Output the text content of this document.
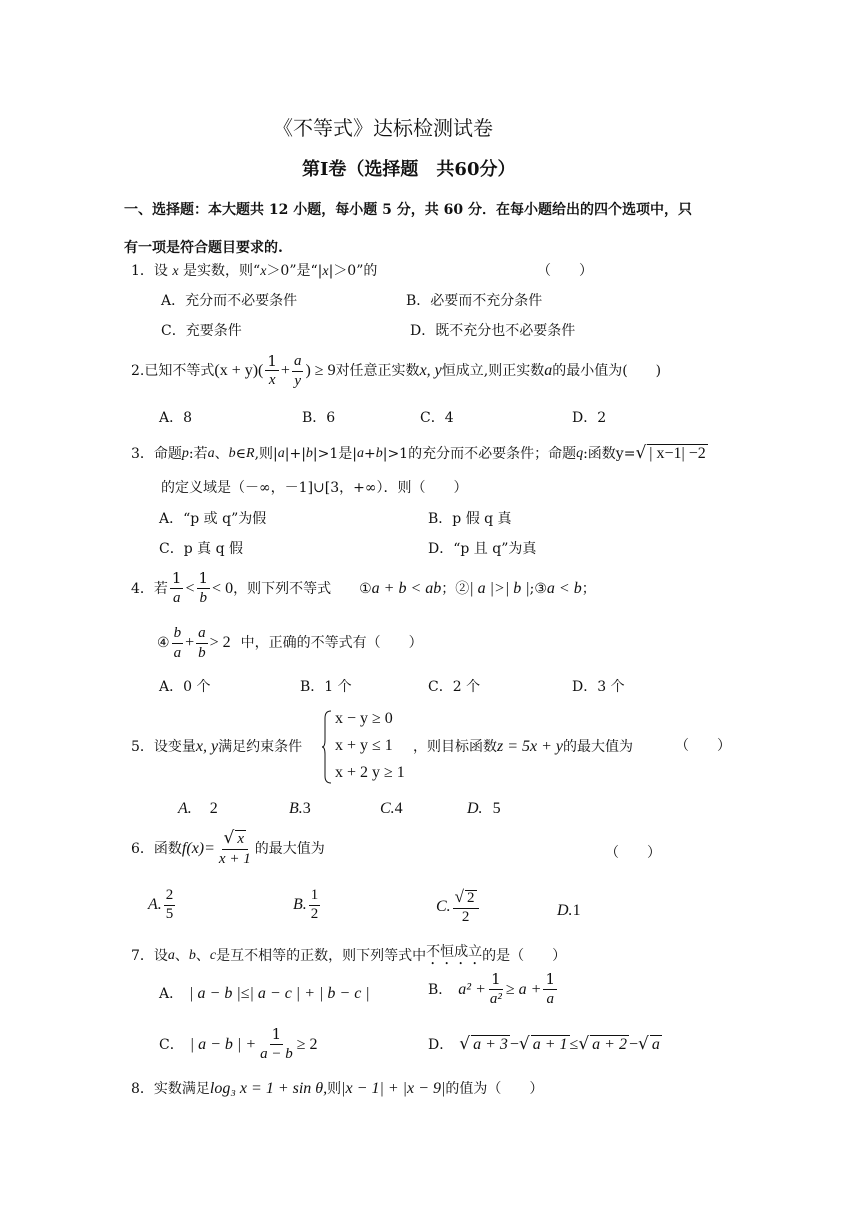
《不等式》达标检测试卷
第Ⅰ卷（选择题　共60分）
一、选择题：本大题共 12 小题，每小题 5 分，共 60 分．在每小题给出的四个选项中，只
有一项是符合题目要求的.
1．设 x 是实数，则“x＞0”是“|x|＞0”的	（　　）
A．充分而不必要条件	B．必要而不充分条件
C．充要条件	D．既不充分也不必要条件
2. 已知不等式 $(x + y)( \frac{1}{x} + \frac{a}{y}$ ) ≥ 9 对任意正实数 x, y 恒成立,则正实数 a 的最小值为(　　)
A．8	B．6	C．4	D．2
3．命题 p :若 a 、 b ∈ R ,则| a |+| b |>1是| a + b |>1的充分而不必要条件；命题 q :函数y= √ | x−1| −2
的定义域是（－∞，－1]∪[3，+∞）．则（　　）
A．“p 或 q”为假	B．p 假 q 真
C．p 真 q 假	D．“p 且 q”为真
4．若 $\frac{1}{a} < \frac{1}{b} < 0$ ，则下列不等式 ① a + b < ab ；② | a |>| b | ;③ a < b ；
④ $\frac{b}{a} + \frac{a}{b} > 2$ 中，正确的不等式有（　　）
A．0 个	B．1 个	C．2 个	D．3 个
5．设变量 x, y 满足约束条件
x − y ≥ 0
x + y ≤ 1
x + 2 y ≥ 1
，则目标函数 z = 5x + y 的最大值为	（　　）
A. 2	B.3	C.4	D. 5
6．函数 $f(x)= \frac{√ x}{x + 1}$ 的最大值为	（　　）
A. $\frac{2}{5}$	B. $\frac{1}{2}$	C. $\frac{√ 2}{2}$	D.1
7．设 a 、 b 、 c 是互不相等的正数，则下列等式中 不恒成立 的是（　　）
A． | a − b |≤| a − c | + | b − c |	B． $a^2 + \frac{1}{\text{a²}} \ge a + \frac{1}{a}$
C． | a − b | + $\frac{1}{a - b} \ge 2$	D． √ a + 3 − √ a + 1 ≤ √ a + 2 − √ a
8．实数满足 log₃ x = 1 + sin θ, 则 |x − 1| + |x − 9| 的值为（　　）
